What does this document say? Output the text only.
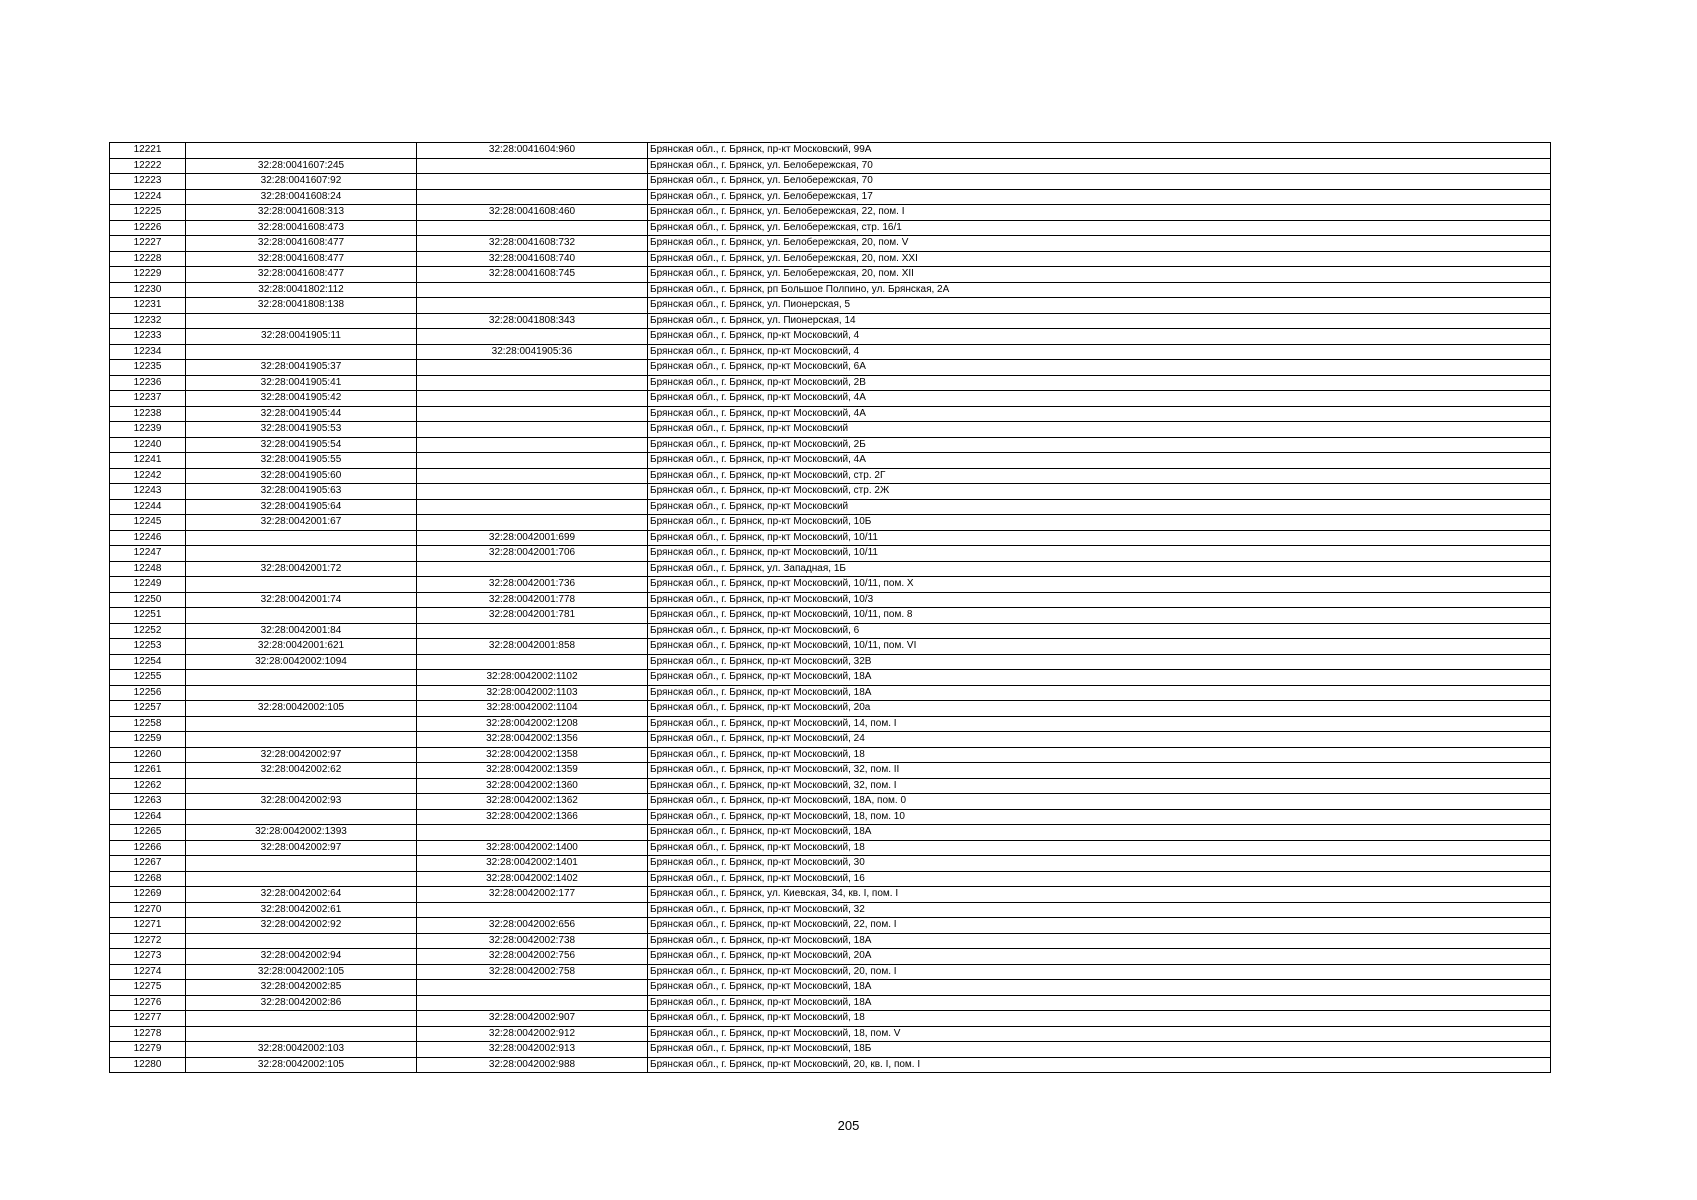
12221		32:28:0041604:960	Брянская обл., г. Брянск, пр-кт Московский, 99А
12222	32:28:0041607:245		Брянская обл., г. Брянск, ул. Белобережская, 70
12223	32:28:0041607:92		Брянская обл., г. Брянск, ул. Белобережская, 70
12224	32:28:0041608:24		Брянская обл., г. Брянск, ул. Белобережская, 17
12225	32:28:0041608:313	32:28:0041608:460	Брянская обл., г. Брянск, ул. Белобережская, 22, пом. I
12226	32:28:0041608:473		Брянская обл., г. Брянск, ул. Белобережская, стр. 16/1
12227	32:28:0041608:477	32:28:0041608:732	Брянская обл., г. Брянск, ул. Белобережская, 20, пом. V
12228	32:28:0041608:477	32:28:0041608:740	Брянская обл., г. Брянск, ул. Белобережская, 20, пом. XXI
12229	32:28:0041608:477	32:28:0041608:745	Брянская обл., г. Брянск, ул. Белобережская, 20, пом. XII
12230	32:28:0041802:112		Брянская обл., г. Брянск, рп Большое Полпино, ул. Брянская, 2А
12231	32:28:0041808:138		Брянская обл., г. Брянск, ул. Пионерская, 5
12232		32:28:0041808:343	Брянская обл., г. Брянск, ул. Пионерская, 14
12233	32:28:0041905:11		Брянская обл., г. Брянск, пр-кт Московский, 4
12234		32:28:0041905:36	Брянская обл., г. Брянск, пр-кт Московский, 4
12235	32:28:0041905:37		Брянская обл., г. Брянск, пр-кт Московский, 6А
12236	32:28:0041905:41		Брянская обл., г. Брянск, пр-кт Московский, 2В
12237	32:28:0041905:42		Брянская обл., г. Брянск, пр-кт Московский, 4А
12238	32:28:0041905:44		Брянская обл., г. Брянск, пр-кт Московский, 4А
12239	32:28:0041905:53		Брянская обл., г. Брянск, пр-кт Московский
12240	32:28:0041905:54		Брянская обл., г. Брянск, пр-кт Московский, 2Б
12241	32:28:0041905:55		Брянская обл., г. Брянск, пр-кт Московский, 4А
12242	32:28:0041905:60		Брянская обл., г. Брянск, пр-кт Московский, стр. 2Г
12243	32:28:0041905:63		Брянская обл., г. Брянск, пр-кт Московский, стр. 2Ж
12244	32:28:0041905:64		Брянская обл., г. Брянск, пр-кт Московский
12245	32:28:0042001:67		Брянская обл., г. Брянск, пр-кт Московский, 10Б
12246		32:28:0042001:699	Брянская обл., г. Брянск, пр-кт Московский, 10/11
12247		32:28:0042001:706	Брянская обл., г. Брянск, пр-кт Московский, 10/11
12248	32:28:0042001:72		Брянская обл., г. Брянск, ул. Западная, 1Б
12249		32:28:0042001:736	Брянская обл., г. Брянск, пр-кт Московский, 10/11, пом. X
12250	32:28:0042001:74	32:28:0042001:778	Брянская обл., г. Брянск, пр-кт Московский, 10/3
12251		32:28:0042001:781	Брянская обл., г. Брянск, пр-кт Московский, 10/11, пом. 8
12252	32:28:0042001:84		Брянская обл., г. Брянск, пр-кт Московский, 6
12253	32:28:0042001:621	32:28:0042001:858	Брянская обл., г. Брянск, пр-кт Московский, 10/11, пом. VI
12254	32:28:0042002:1094		Брянская обл., г. Брянск, пр-кт Московский, 32В
12255		32:28:0042002:1102	Брянская обл., г. Брянск, пр-кт Московский, 18А
12256		32:28:0042002:1103	Брянская обл., г. Брянск, пр-кт Московский, 18А
12257	32:28:0042002:105	32:28:0042002:1104	Брянская обл., г. Брянск, пр-кт Московский, 20а
12258		32:28:0042002:1208	Брянская обл., г. Брянск, пр-кт Московский, 14, пом. I
12259		32:28:0042002:1356	Брянская обл., г. Брянск, пр-кт Московский, 24
12260	32:28:0042002:97	32:28:0042002:1358	Брянская обл., г. Брянск, пр-кт Московский, 18
12261	32:28:0042002:62	32:28:0042002:1359	Брянская обл., г. Брянск, пр-кт Московский, 32, пом. II
12262		32:28:0042002:1360	Брянская обл., г. Брянск, пр-кт Московский, 32, пом. I
12263	32:28:0042002:93	32:28:0042002:1362	Брянская обл., г. Брянск, пр-кт Московский, 18А, пом. 0
12264		32:28:0042002:1366	Брянская обл., г. Брянск, пр-кт Московский, 18, пом. 10
12265	32:28:0042002:1393		Брянская обл., г. Брянск, пр-кт Московский, 18А
12266	32:28:0042002:97	32:28:0042002:1400	Брянская обл., г. Брянск, пр-кт Московский, 18
12267		32:28:0042002:1401	Брянская обл., г. Брянск, пр-кт Московский, 30
12268		32:28:0042002:1402	Брянская обл., г. Брянск, пр-кт Московский, 16
12269	32:28:0042002:64	32:28:0042002:177	Брянская обл., г. Брянск, ул. Киевская, 34, кв. I, пом. I
12270	32:28:0042002:61		Брянская обл., г. Брянск, пр-кт Московский, 32
12271	32:28:0042002:92	32:28:0042002:656	Брянская обл., г. Брянск, пр-кт Московский, 22, пом. I
12272		32:28:0042002:738	Брянская обл., г. Брянск, пр-кт Московский, 18А
12273	32:28:0042002:94	32:28:0042002:756	Брянская обл., г. Брянск, пр-кт Московский, 20А
12274	32:28:0042002:105	32:28:0042002:758	Брянская обл., г. Брянск, пр-кт Московский, 20, пом. I
12275	32:28:0042002:85		Брянская обл., г. Брянск, пр-кт Московский, 18А
12276	32:28:0042002:86		Брянская обл., г. Брянск, пр-кт Московский, 18А
12277		32:28:0042002:907	Брянская обл., г. Брянск, пр-кт Московский, 18
12278		32:28:0042002:912	Брянская обл., г. Брянск, пр-кт Московский, 18, пом. V
12279	32:28:0042002:103	32:28:0042002:913	Брянская обл., г. Брянск, пр-кт Московский, 18Б
12280	32:28:0042002:105	32:28:0042002:988	Брянская обл., г. Брянск, пр-кт Московский, 20, кв. I, пом. I
205
